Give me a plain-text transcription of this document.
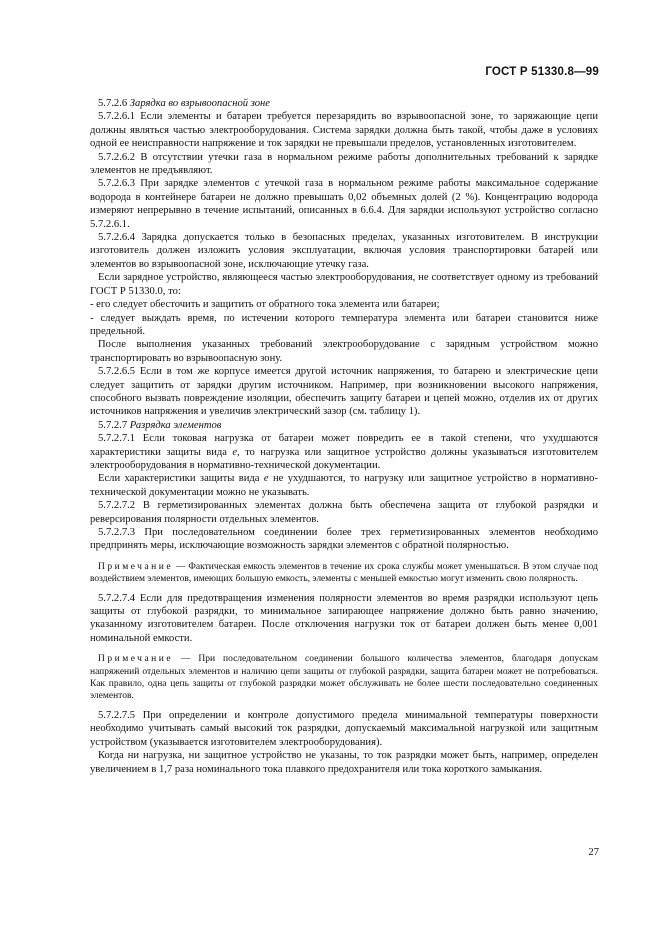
ГОСТ Р 51330.8—99

5.7.2.6 Зарядка во взрывоопасной зоне

5.7.2.6.1 Если элементы и батареи требуется перезарядить во взрывоопасной зоне, то заряжающие цепи должны являться частью электрооборудования. Система зарядки должна быть такой, чтобы даже в условиях одной ее неисправности напряжение и ток зарядки не превышали пределов, установленных изготовителем.

5.7.2.6.2 В отсутствии утечки газа в нормальном режиме работы дополнительных требований к зарядке элементов не предъявляют.

5.7.2.6.3 При зарядке элементов с утечкой газа в нормальном режиме работы максимальное содержание водорода в контейнере батареи не должно превышать 0,02 объемных долей (2 %). Концентрацию водорода измеряют непрерывно в течение испытаний, описанных в 6.6.4. Для зарядки используют устройство согласно 5.7.2.6.1.

5.7.2.6.4 Зарядка допускается только в безопасных пределах, указанных изготовителем. В инструкции изготовитель должен изложить условия эксплуатации, включая условия транспортировки батарей или элементов во взрывоопасной зоне, исключающие утечку газа.

Если зарядное устройство, являющееся частью электрооборудования, не соответствует одному из требований ГОСТ Р 51330.0, то:

- его следует обесточить и защитить от обратного тока элемента или батареи;

- следует выждать время, по истечении которого температура элемента или батареи становится ниже предельной.

После выполнения указанных требований электрооборудование с зарядным устройством можно транспортировать во взрывоопасную зону.

5.7.2.6.5 Если в том же корпусе имеется другой источник напряжения, то батарею и электрические цепи следует защитить от зарядки другим источником. Например, при возникновении высокого напряжения, способного вызвать повреждение изоляции, обеспечить защиту батареи и цепей можно, отделив их от других источников напряжения и увеличив электрический зазор (см. таблицу 1).

5.7.2.7 Разрядка элементов

5.7.2.7.1 Если токовая нагрузка от батареи может повредить ее в такой степени, что ухудшаются характеристики защиты вида е, то нагрузка или защитное устройство должны указываться изготовителем электрооборудования в нормативно-технической документации.

Если характеристики защиты вида е не ухудшаются, то нагрузку или защитное устройство в нормативно-технической документации можно не указывать.

5.7.2.7.2 В герметизированных элементах должна быть обеспечена защита от глубокой разрядки и реверсирования полярности отдельных элементов.

5.7.2.7.3 При последовательном соединении более трех герметизированных элементов необходимо предпринять меры, исключающие возможность зарядки элементов с обратной полярностью.

Примечание — Фактическая емкость элементов в течение их срока службы может уменьшаться. В этом случае под воздействием элементов, имеющих большую емкость, элементы с меньшей емкостью могут изменить свою полярность.

5.7.2.7.4 Если для предотвращения изменения полярности элементов во время разрядки используют цепь защиты от глубокой разрядки, то минимальное запирающее напряжение должно быть равно значению, указанному изготовителем батареи. После отключения нагрузки ток от батареи должен быть менее 0,001 номинальной емкости.

Примечание — При последовательном соединении большого количества элементов, благодаря допускам напряжений отдельных элементов и наличию цепи защиты от глубокой разрядки, защита батареи может не потребоваться. Как правило, одна цепь защиты от глубокой разрядки может обслуживать не более шести последовательно соединенных элементов.

5.7.2.7.5 При определении и контроле допустимого предела минимальной температуры поверхности необходимо учитывать самый высокий ток разрядки, допускаемый максимальной нагрузкой или защитным устройством (указывается изготовителем электрооборудования).

Когда ни нагрузка, ни защитное устройство не указаны, то ток разрядки может быть, например, определен увеличением в 1,7 раза номинального тока плавкого предохранителя или тока короткого замыкания.

27
